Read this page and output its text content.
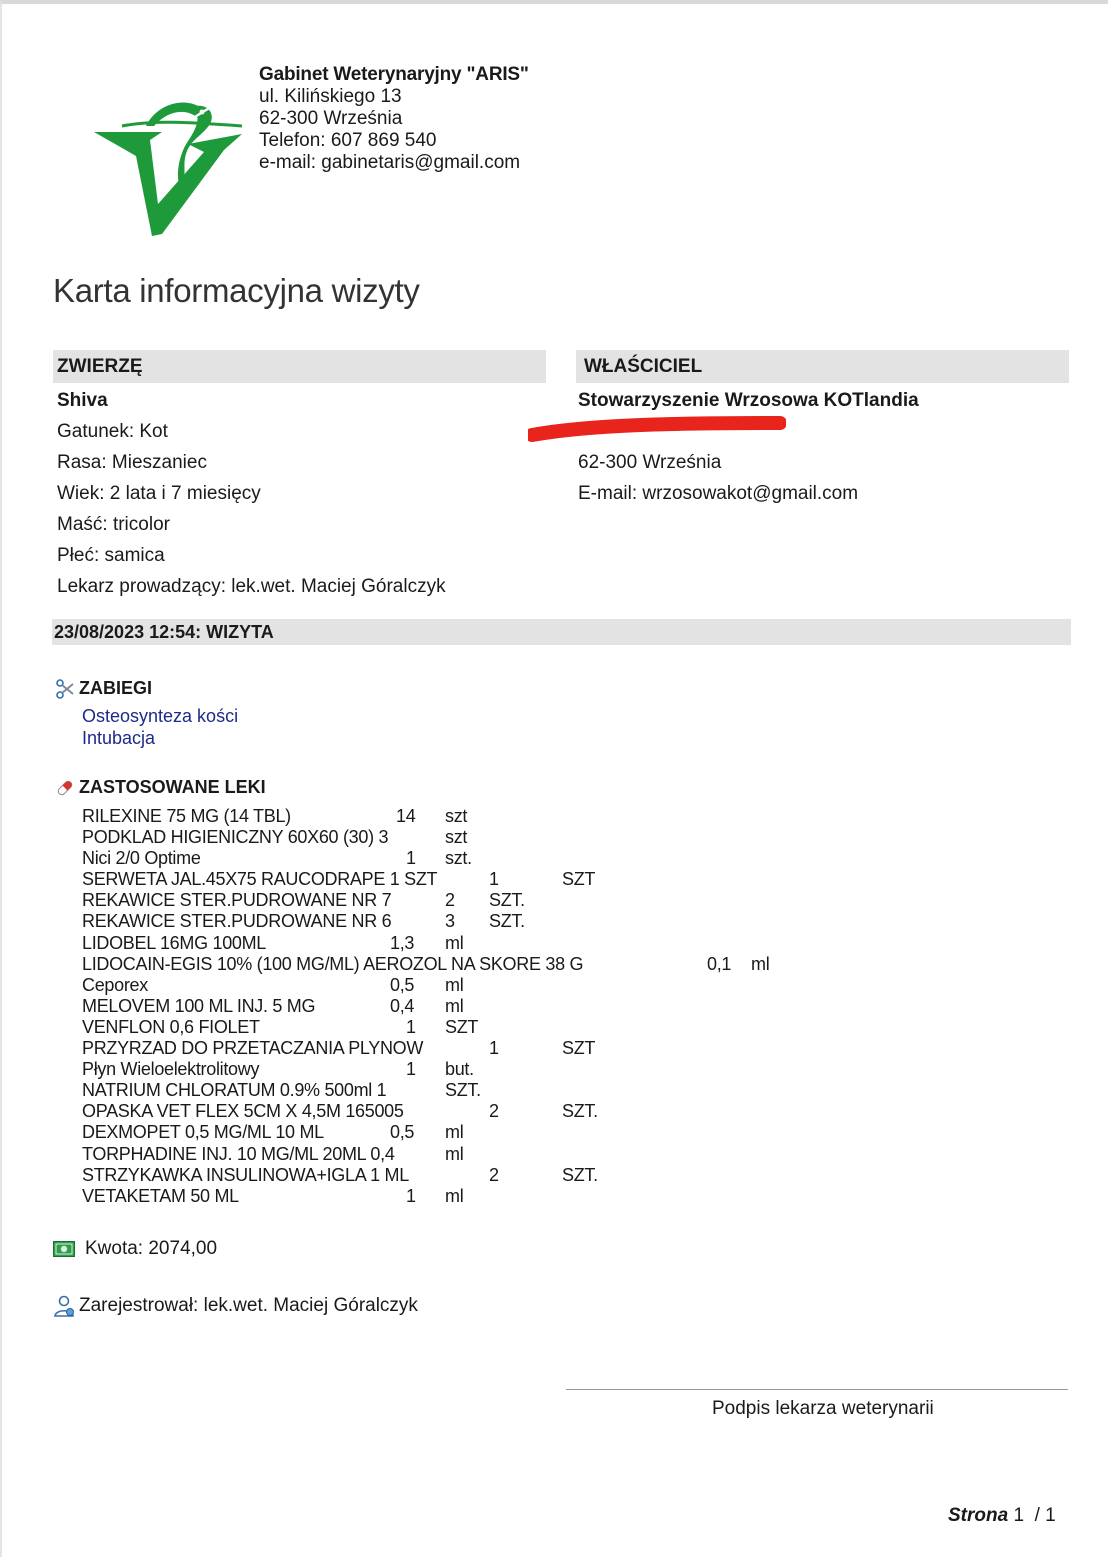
Gabinet Weterynaryjny "ARIS"
ul. Kilińskiego 13
62-300 Września
Telefon: 607 869 540
e-mail: gabinetaris@gmail.com
Karta informacyjna wizyty
ZWIERZĘ
Shiva
Gatunek: Kot
Rasa: Mieszaniec
Wiek: 2 lata i 7 miesięcy
Maść: tricolor
Płeć: samica
Lekarz prowadzący: lek.wet. Maciej Góralczyk
WŁAŚCICIEL
Stowarzyszenie Wrzosowa KOTlandia
62-300 Września
E-mail: wrzosowakot@gmail.com
23/08/2023 12:54: WIZYTA
ZABIEGI
Osteosynteza kości
Intubacja
ZASTOSOWANE LEKI
RILEXINE 75 MG (14 TBL)	14 szt
PODKLAD HIGIENICZNY 60X60 (30) 3	szt
Nici 2/0 Optime	1 szt.
SERWETA JAL.45X75 RAUCODRAPE 1 SZT	1	SZT
REKAWICE STER.PUDROWANE NR 7	2 SZT.
REKAWICE STER.PUDROWANE NR 6	3 SZT.
LIDOBEL 16MG 100ML	1,3 ml
LIDOCAIN-EGIS 10% (100 MG/ML) AEROZOL NA SKORE 38 G	0,1 ml
Ceporex	0,5 ml
MELOVEM 100 ML INJ. 5 MG	0,4 ml
VENFLON 0,6 FIOLET	1 SZT
PRZYRZAD DO PRZETACZANIA PLYNOW	1	SZT
Płyn Wieloelektrolitowy	1 but.
NATRIUM CHLORATUM 0.9% 500ml 1	SZT.
OPASKA VET FLEX 5CM X 4,5M 165005	2	SZT.
DEXMOPET 0,5 MG/ML 10 ML	0,5 ml
TORPHADINE INJ. 10 MG/ML 20ML 0,4	ml
STRZYKAWKA INSULINOWA+IGLA 1 ML	2	SZT.
VETAKETAM 50 ML	1 ml
Kwota: 2074,00
Zarejestrował: lek.wet. Maciej Góralczyk
Podpis lekarza weterynarii
Strona 1 / 1
